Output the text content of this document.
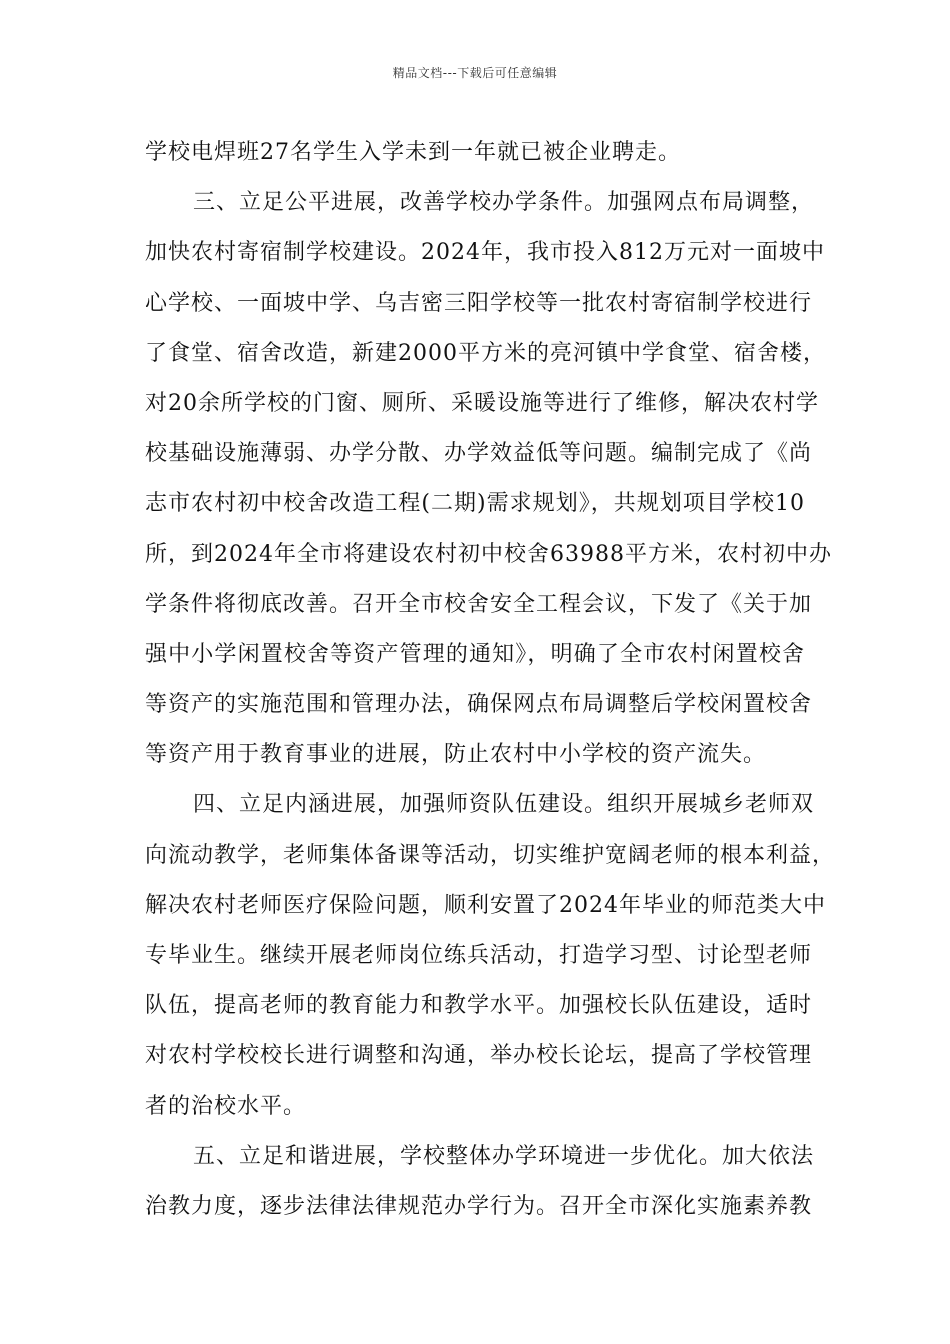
精品文档---下载后可任意编辑
学校电焊班27名学生入学未到一年就已被企业聘走。
三、立足公平进展，改善学校办学条件。加强网点布局调整，
加快农村寄宿制学校建设。2024年，我市投入812万元对一面坡中
心学校、一面坡中学、乌吉密三阳学校等一批农村寄宿制学校进行
了食堂、宿舍改造，新建2000平方米的亮河镇中学食堂、宿舍楼，
对20余所学校的门窗、厕所、采暖设施等进行了维修，解决农村学
校基础设施薄弱、办学分散、办学效益低等问题。编制完成了《尚
志市农村初中校舍改造工程(二期)需求规划》，共规划项目学校10
所，到2024年全市将建设农村初中校舍63988平方米，农村初中办
学条件将彻底改善。召开全市校舍安全工程会议，下发了《关于加
强中小学闲置校舍等资产管理的通知》，明确了全市农村闲置校舍
等资产的实施范围和管理办法，确保网点布局调整后学校闲置校舍
等资产用于教育事业的进展，防止农村中小学校的资产流失。
四、立足内涵进展，加强师资队伍建设。组织开展城乡老师双
向流动教学，老师集体备课等活动，切实维护宽阔老师的根本利益，
解决农村老师医疗保险问题，顺利安置了2024年毕业的师范类大中
专毕业生。继续开展老师岗位练兵活动，打造学习型、讨论型老师
队伍，提高老师的教育能力和教学水平。加强校长队伍建设，适时
对农村学校校长进行调整和沟通，举办校长论坛，提高了学校管理
者的治校水平。
五、立足和谐进展，学校整体办学环境进一步优化。加大依法
治教力度，逐步法律法律规范办学行为。召开全市深化实施素养教
